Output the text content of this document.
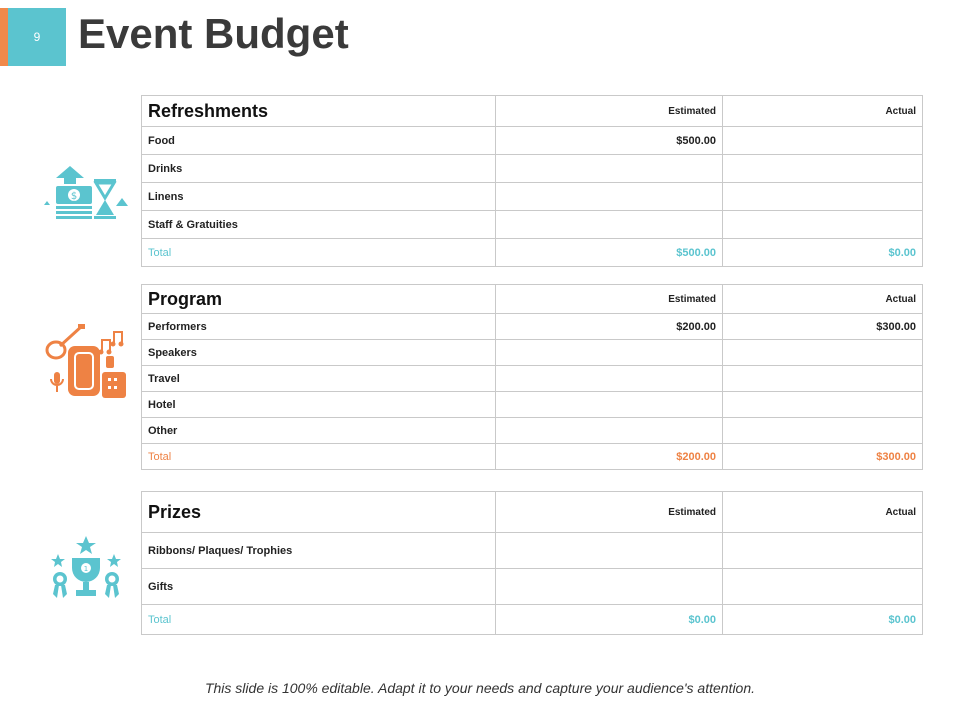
9 Event Budget
$
1
Refreshments	Estimated	Actual
Food	$500.00	
Drinks		
Linens		
Staff & Gratuities		
Total	$500.00	$0.00
Program	Estimated	Actual
Performers	$200.00	$300.00
Speakers		
Travel		
Hotel		
Other		
Total	$200.00	$300.00
Prizes	Estimated	Actual
Ribbons/ Plaques/ Trophies		
Gifts		
Total	$0.00	$0.00
This slide is 100% editable. Adapt it to your needs and capture your audience's attention.
